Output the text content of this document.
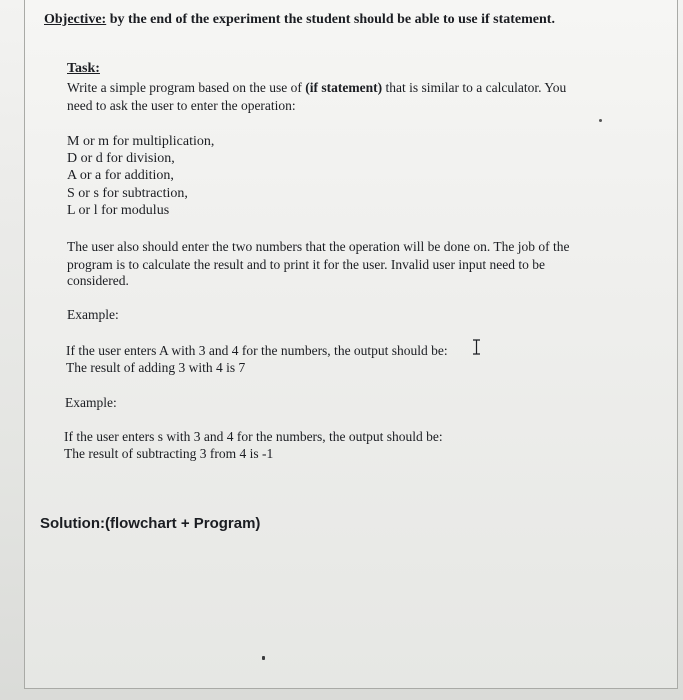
Objective: by the end of the experiment the student should be able to use if statement.
Task:
Write a simple program based on the use of (if statement) that is similar to a calculator. You
need to ask the user to enter the operation:
M or m for multiplication,
D or d for division,
A or a for addition,
S or s for subtraction,
L or l for modulus
The user also should enter the two numbers that the operation will be done on. The job of the
program is to calculate the result and to print it for the user. Invalid user input need to be
considered.
Example:
If the user enters A with 3 and 4 for the numbers, the output should be:
The result of adding 3 with 4 is 7
Example:
If the user enters s with 3 and 4 for the numbers, the output should be:
The result of subtracting 3 from 4 is -1
Solution:(flowchart + Program)
